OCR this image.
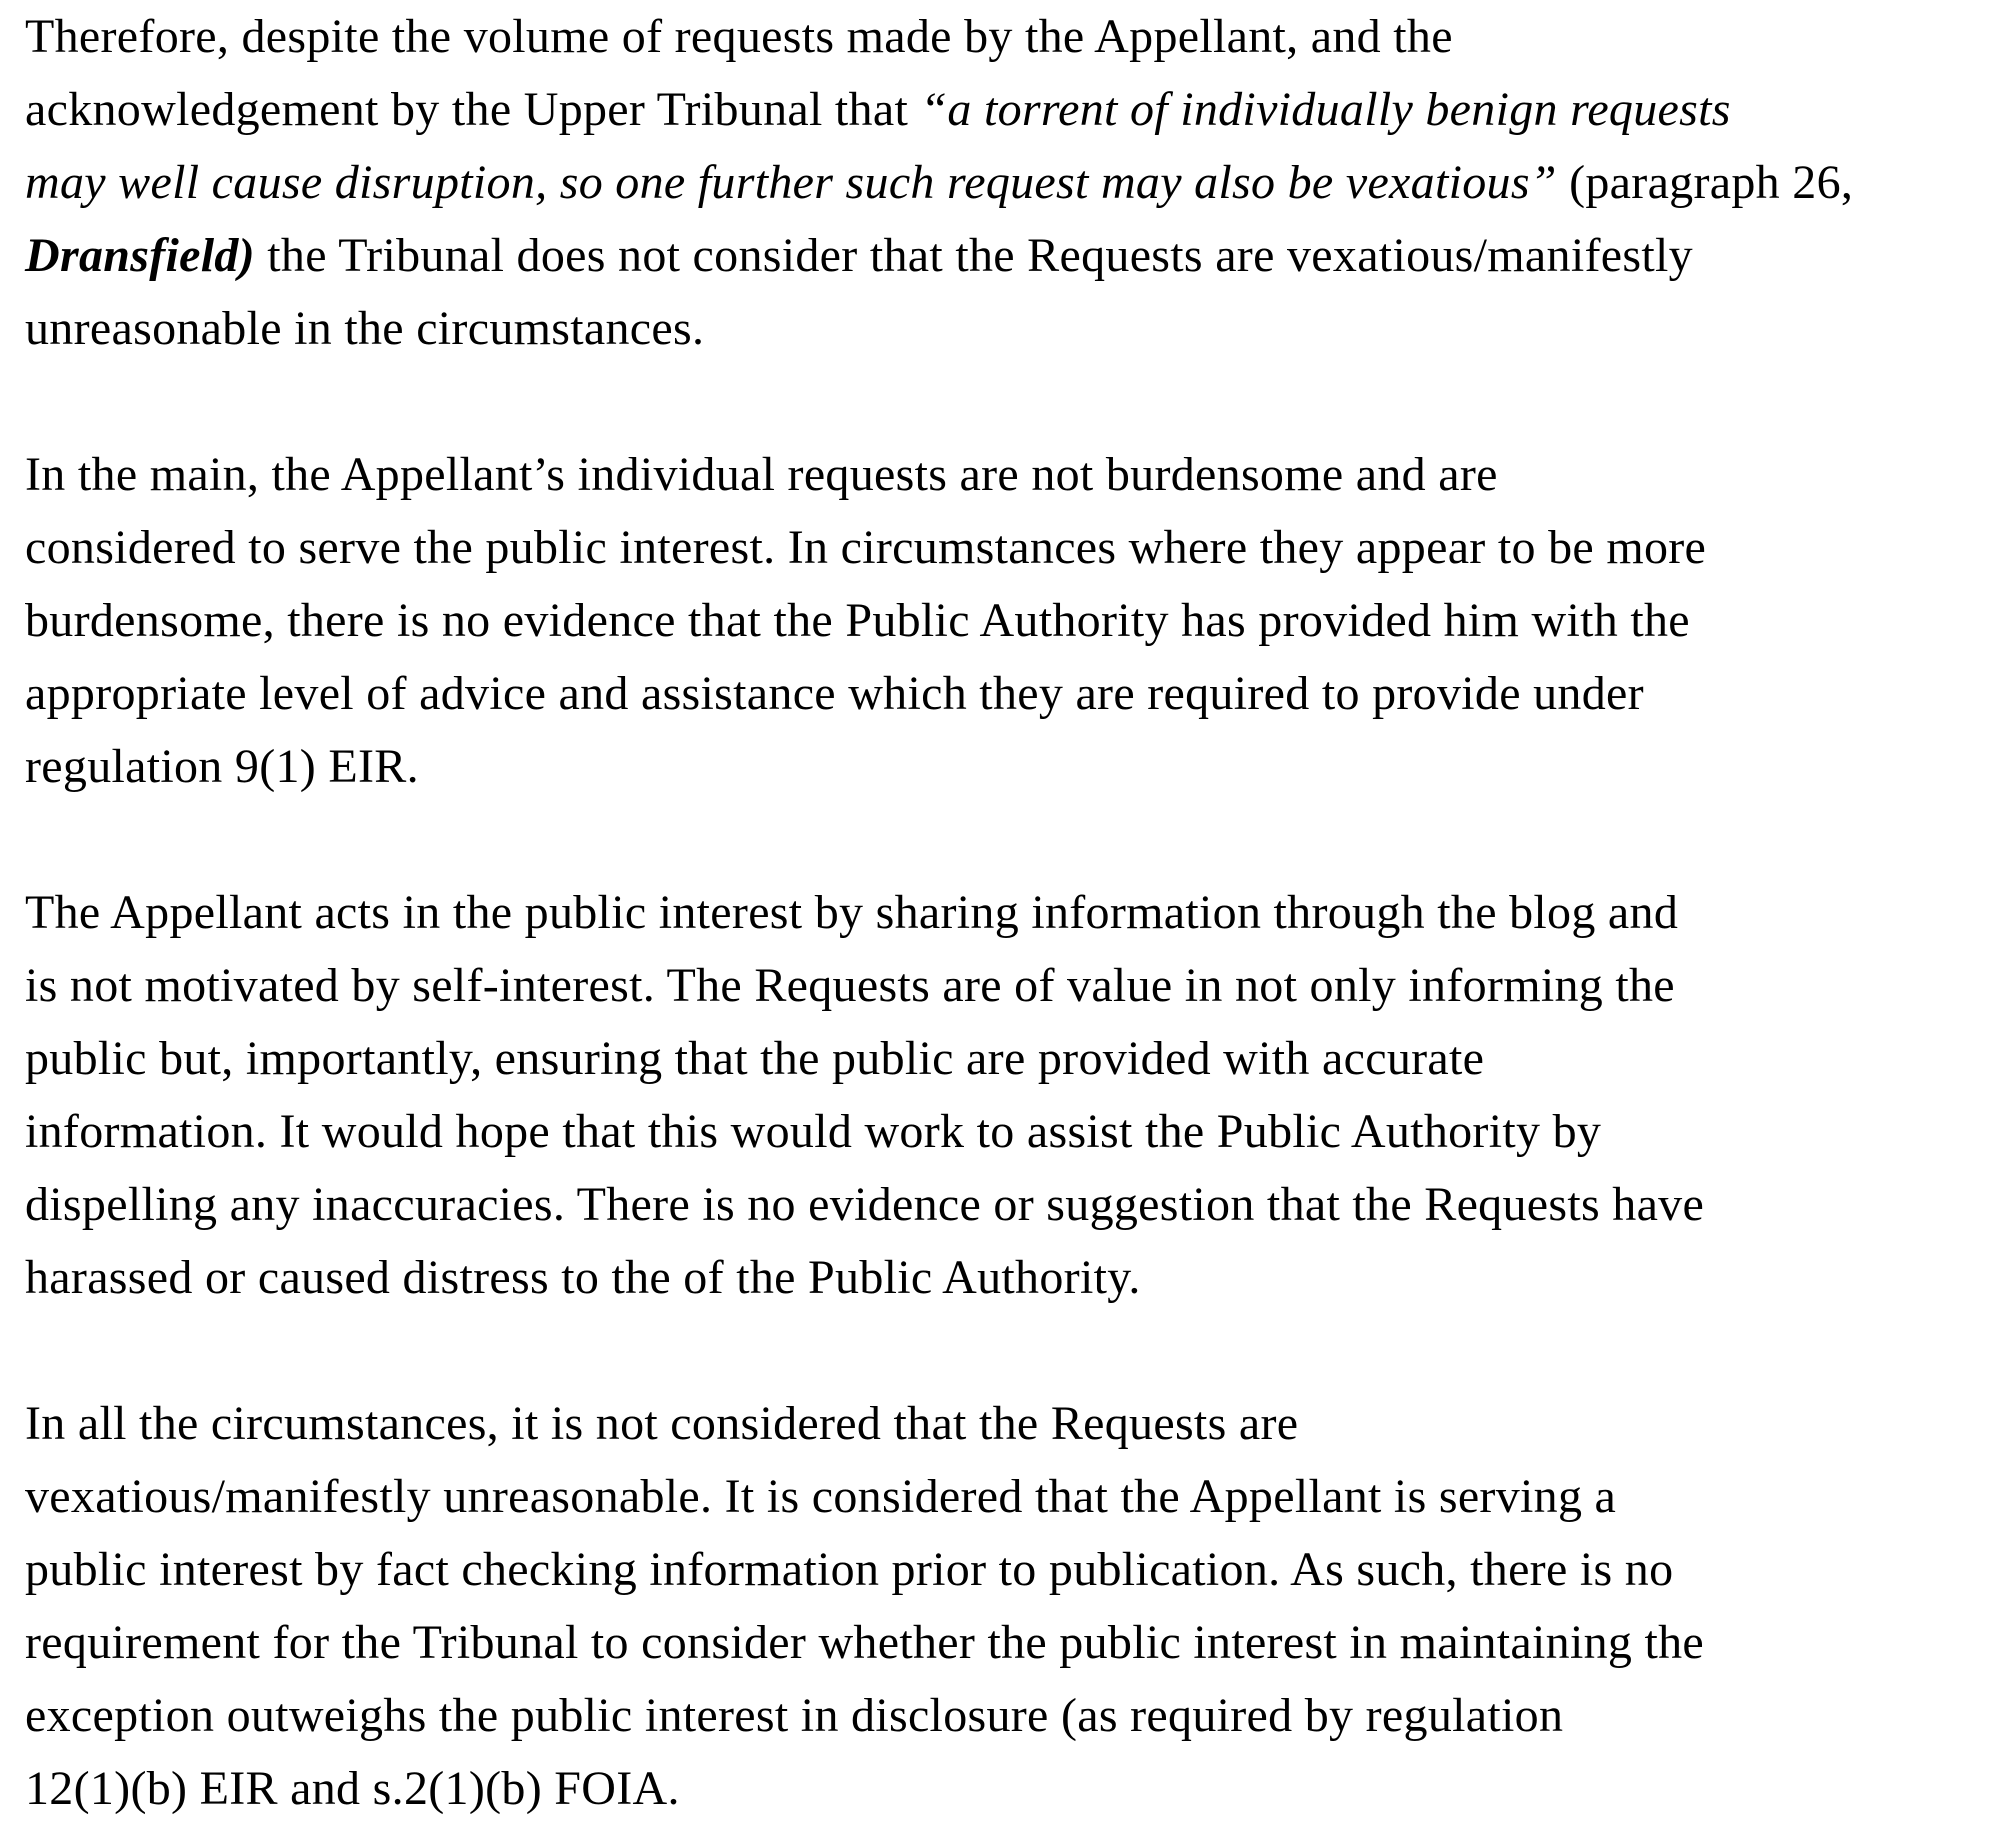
Therefore, despite the volume of requests made by the Appellant, and the
acknowledgement by the Upper Tribunal that “a torrent of individually benign requests
may well cause disruption, so one further such request may also be vexatious” (paragraph 26,
Dransfield) the Tribunal does not consider that the Requests are vexatious/manifestly
unreasonable in the circumstances.
In the main, the Appellant’s individual requests are not burdensome and are
considered to serve the public interest. In circumstances where they appear to be more
burdensome, there is no evidence that the Public Authority has provided him with the
appropriate level of advice and assistance which they are required to provide under
regulation 9(1) EIR.
The Appellant acts in the public interest by sharing information through the blog and
is not motivated by self-interest. The Requests are of value in not only informing the
public but, importantly, ensuring that the public are provided with accurate
information. It would hope that this would work to assist the Public Authority by
dispelling any inaccuracies. There is no evidence or suggestion that the Requests have
harassed or caused distress to the of the Public Authority.
In all the circumstances, it is not considered that the Requests are
vexatious/manifestly unreasonable. It is considered that the Appellant is serving a
public interest by fact checking information prior to publication. As such, there is no
requirement for the Tribunal to consider whether the public interest in maintaining the
exception outweighs the public interest in disclosure (as required by regulation
12(1)(b) EIR and s.2(1)(b) FOIA.
